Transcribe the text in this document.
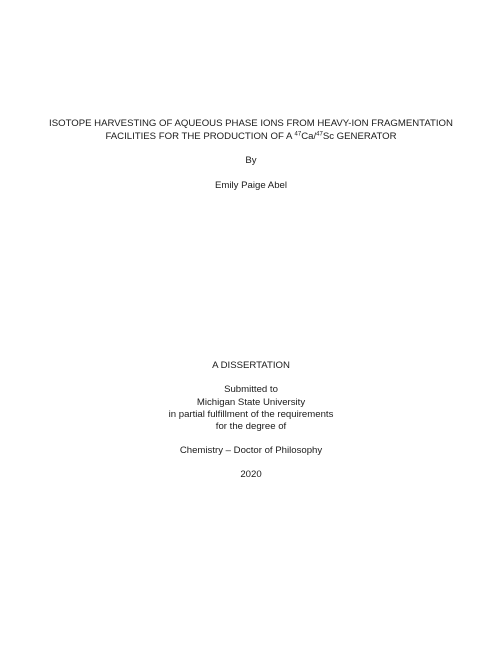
ISOTOPE HARVESTING OF AQUEOUS PHASE IONS FROM HEAVY-ION FRAGMENTATION
FACILITIES FOR THE PRODUCTION OF A $^{47}$Ca/$^{47}$Sc GENERATOR
By
Emily Paige Abel
A DISSERTATION
Submitted to
Michigan State University
in partial fulfillment of the requirements
for the degree of
Chemistry – Doctor of Philosophy
2020
